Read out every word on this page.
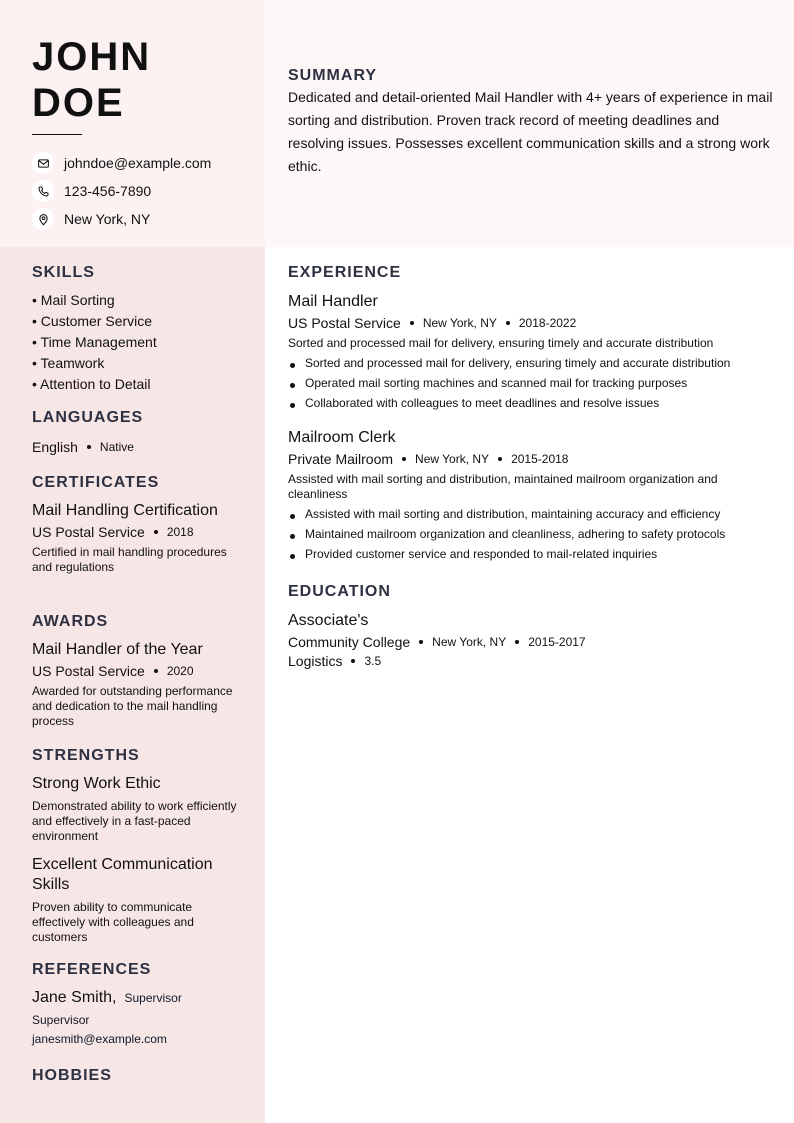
JOHN
DOE
johndoe@example.com
123-456-7890
New York, NY
SUMMARY
Dedicated and detail-oriented Mail Handler with 4+ years of experience in mail sorting and distribution. Proven track record of meeting deadlines and resolving issues. Possesses excellent communication skills and a strong work ethic.
SKILLS
• Mail Sorting
• Customer Service
• Time Management
• Teamwork
• Attention to Detail
LANGUAGES
English Native
CERTIFICATES
Mail Handling Certification
US Postal Service 2018
Certified in mail handling procedures and regulations
AWARDS
Mail Handler of the Year
US Postal Service 2020
Awarded for outstanding performance and dedication to the mail handling process
STRENGTHS
Strong Work Ethic
Demonstrated ability to work efficiently and effectively in a fast-paced environment
Excellent Communication Skills
Proven ability to communicate effectively with colleagues and customers
REFERENCES
Jane Smith, Supervisor
Supervisor
janesmith@example.com
HOBBIES
EXPERIENCE
Mail Handler
US Postal Service New York, NY 2018-2022
Sorted and processed mail for delivery, ensuring timely and accurate distribution
Sorted and processed mail for delivery, ensuring timely and accurate distribution
Operated mail sorting machines and scanned mail for tracking purposes
Collaborated with colleagues to meet deadlines and resolve issues
Mailroom Clerk
Private Mailroom New York, NY 2015-2018
Assisted with mail sorting and distribution, maintained mailroom organization and cleanliness
Assisted with mail sorting and distribution, maintaining accuracy and efficiency
Maintained mailroom organization and cleanliness, adhering to safety protocols
Provided customer service and responded to mail-related inquiries
EDUCATION
Associate's
Community College New York, NY 2015-2017
Logistics 3.5
